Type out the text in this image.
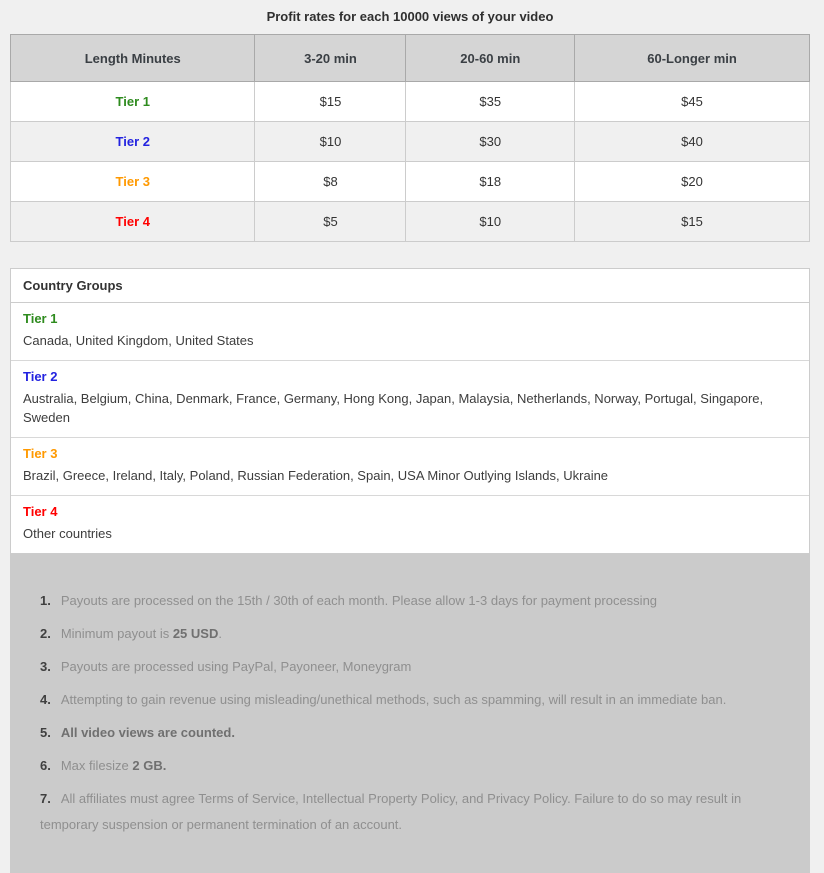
Profit rates for each 10000 views of your video
Length Minutes	3-20 min	20-60 min	60-Longer min
Tier 1	$15	$35	$45
Tier 2	$10	$30	$40
Tier 3	$8	$18	$20
Tier 4	$5	$10	$15
Country Groups
Tier 1
Canada, United Kingdom, United States
Tier 2
Australia, Belgium, China, Denmark, France, Germany, Hong Kong, Japan, Malaysia, Netherlands, Norway, Portugal, Singapore, Sweden
Tier 3
Brazil, Greece, Ireland, Italy, Poland, Russian Federation, Spain, USA Minor Outlying Islands, Ukraine
Tier 4
Other countries

1. Payouts are processed on the 15th / 30th of each month. Please allow 1-3 days for payment processing

2. Minimum payout is 25 USD.

3. Payouts are processed using PayPal, Payoneer, Moneygram

4. Attempting to gain revenue using misleading/unethical methods, such as spamming, will result in an immediate ban.

5. All video views are counted.

6. Max filesize 2 GB.

7. All affiliates must agree Terms of Service, Intellectual Property Policy, and Privacy Policy. Failure to do so may result in temporary suspension or permanent termination of an account.
